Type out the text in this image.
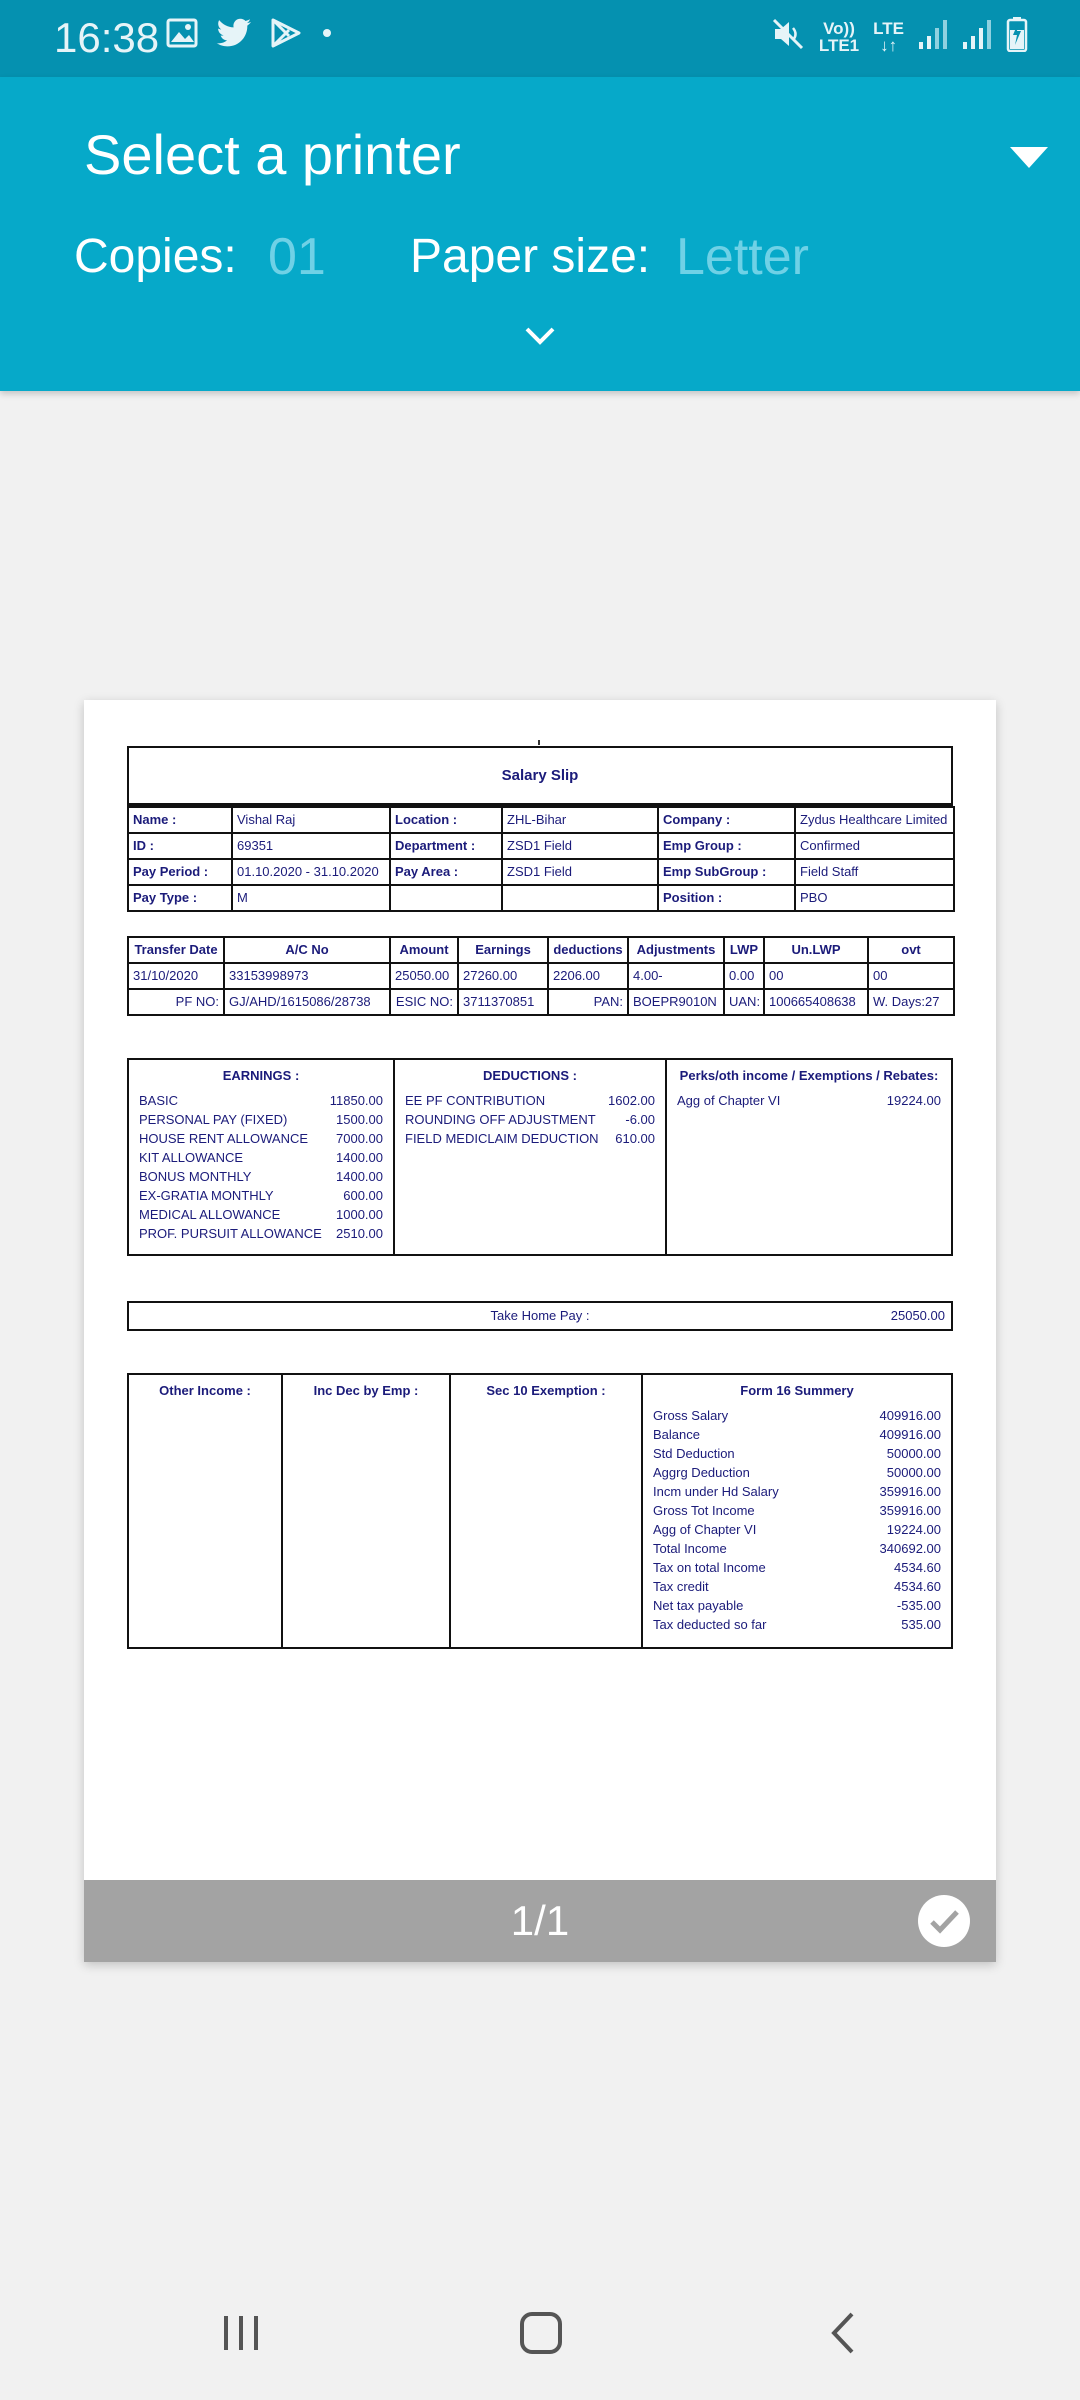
16:38	Vo))
LTE1
LTE
↓↑
Select a printer
Copies: 01 Paper size: Letter
Salary Slip
Name :	Vishal Raj	Location :	ZHL-Bihar	Company :	Zydus Healthcare Limited
ID :	69351	Department :	ZSD1 Field	Emp Group :	Confirmed
Pay Period :	01.10.2020 - 31.10.2020	Pay Area :	ZSD1 Field	Emp SubGroup :	Field Staff
Pay Type :	M			Position :	PBO
Transfer Date	A/C No	Amount	Earnings	deductions	Adjustments	LWP	Un.LWP	ovt
31/10/2020	33153998973	25050.00	27260.00	2206.00	4.00-	0.00	00	00
PF NO:	GJ/AHD/1615086/28738	ESIC NO:	3711370851	PAN:	BOEPR9010N	UAN:	100665408638	W. Days:27
EARNINGS :
BASIC	11850.00
PERSONAL PAY (FIXED)	1500.00
HOUSE RENT ALLOWANCE 7000.00
KIT ALLOWANCE	1400.00
BONUS MONTHLY	1400.00
EX-GRATIA MONTHLY	600.00
MEDICAL ALLOWANCE	1000.00
PROF. PURSUIT ALLOWANCE 2510.00
DEDUCTIONS :
EE PF CONTRIBUTION	1602.00
ROUNDING OFF ADJUSTMENT -6.00
FIELD MEDICLAIM DEDUCTION 610.00
Perks/oth income / Exemptions / Rebates:
Agg of Chapter VI	19224.00
Take Home Pay :	25050.00
Other Income :	Inc Dec by Emp :	Sec 10 Exemption :	Form 16 Summery
Gross Salary	409916.00
Balance	409916.00
Std Deduction	50000.00
Aggrg Deduction	50000.00
Incm under Hd Salary	359916.00
Gross Tot Income	359916.00
Agg of Chapter VI	19224.00
Total Income	340692.00
Tax on total Income	4534.60
Tax credit	4534.60
Net tax payable	-535.00
Tax deducted so far	535.00
1/1
